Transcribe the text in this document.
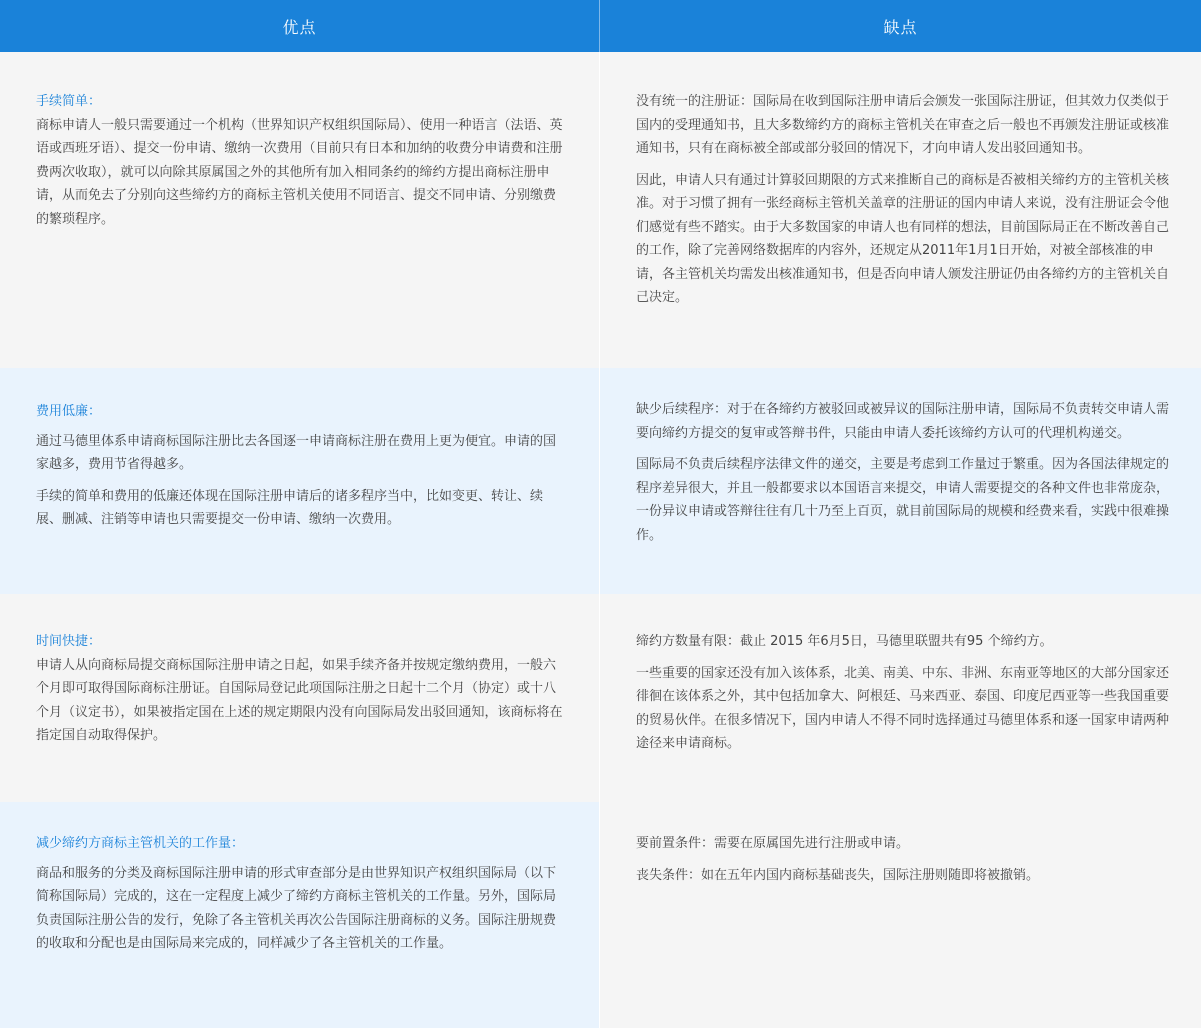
优点	缺点
手续简单：

商标申请人一般只需要通过一个机构（世界知识产权组织国际局）、使用一种语言（法语、英语或西班牙语）、提交一份申请、缴纳一次费用（目前只有日本和加纳的收费分申请费和注册费两次收取），就可以向除其原属国之外的其他所有加入相同条约的缔约方提出商标注册申请，从而免去了分别向这些缔约方的商标主管机关使用不同语言、提交不同申请、分别缴费的繁琐程序。

没有统一的注册证：国际局在收到国际注册申请后会颁发一张国际注册证，但其效力仅类似于国内的受理通知书，且大多数缔约方的商标主管机关在审查之后一般也不再颁发注册证或核准通知书，只有在商标被全部或部分驳回的情况下，才向申请人发出驳回通知书。

因此，申请人只有通过计算驳回期限的方式来推断自己的商标是否被相关缔约方的主管机关核准。对于习惯了拥有一张经商标主管机关盖章的注册证的国内申请人来说，没有注册证会令他们感觉有些不踏实。由于大多数国家的申请人也有同样的想法，目前国际局正在不断改善自己的工作，除了完善网络数据库的内容外，还规定从2011年1月1日开始，对被全部核准的申请，各主管机关均需发出核准通知书，但是否向申请人颁发注册证仍由各缔约方的主管机关自己决定。

费用低廉：

通过马德里体系申请商标国际注册比去各国逐一申请商标注册在费用上更为便宜。申请的国家越多，费用节省得越多。

手续的简单和费用的低廉还体现在国际注册申请后的诸多程序当中，比如变更、转让、续展、删减、注销等申请也只需要提交一份申请、缴纳一次费用。

缺少后续程序：对于在各缔约方被驳回或被异议的国际注册申请，国际局不负责转交申请人需要向缔约方提交的复审或答辩书件，只能由申请人委托该缔约方认可的代理机构递交。

国际局不负责后续程序法律文件的递交，主要是考虑到工作量过于繁重。因为各国法律规定的程序差异很大，并且一般都要求以本国语言来提交，申请人需要提交的各种文件也非常庞杂，一份异议申请或答辩往往有几十乃至上百页，就目前国际局的规模和经费来看，实践中很难操作。

时间快捷：

申请人从向商标局提交商标国际注册申请之日起，如果手续齐备并按规定缴纳费用，一般六个月即可取得国际商标注册证。自国际局登记此项国际注册之日起十二个月（协定）或十八个月（议定书），如果被指定国在上述的规定期限内没有向国际局发出驳回通知，该商标将在指定国自动取得保护。

缔约方数量有限：截止 2015 年6月5日，马德里联盟共有95 个缔约方。

一些重要的国家还没有加入该体系，北美、南美、中东、非洲、东南亚等地区的大部分国家还徘徊在该体系之外，其中包括加拿大、阿根廷、马来西亚、泰国、印度尼西亚等一些我国重要的贸易伙伴。在很多情况下，国内申请人不得不同时选择通过马德里体系和逐一国家申请两种途径来申请商标。

减少缔约方商标主管机关的工作量：

商品和服务的分类及商标国际注册申请的形式审查部分是由世界知识产权组织国际局（以下简称国际局）完成的，这在一定程度上减少了缔约方商标主管机关的工作量。另外，国际局负责国际注册公告的发行，免除了各主管机关再次公告国际注册商标的义务。国际注册规费的收取和分配也是由国际局来完成的，同样减少了各主管机关的工作量。

要前置条件：需要在原属国先进行注册或申请。

丧失条件：如在五年内国内商标基础丧失，国际注册则随即将被撤销。
